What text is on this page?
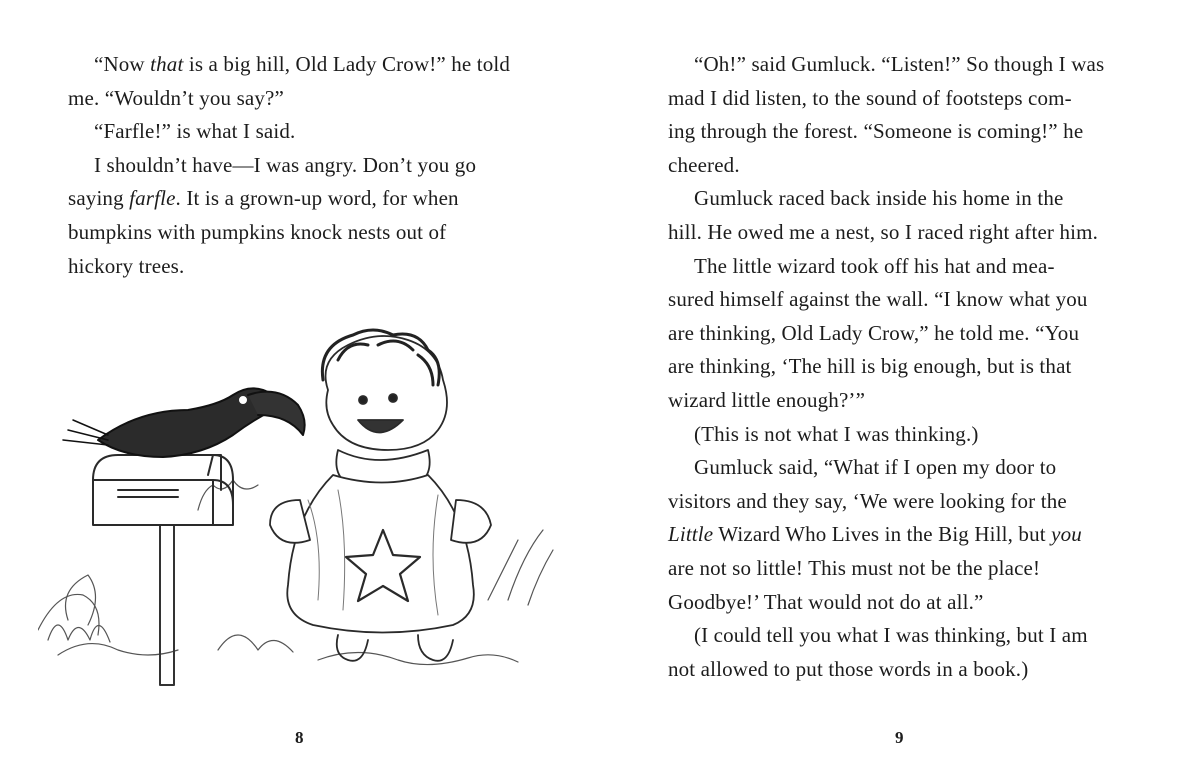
“Now that is a big hill, Old Lady Crow!” he told
me. “Wouldn’t you say?”
“Farfle!” is what I said.
I shouldn’t have—I was angry. Don’t you go
saying farfle. It is a grown-up word, for when
bumpkins with pumpkins knock nests out of
hickory trees.
8
“Oh!” said Gumluck. “Listen!” So though I was
mad I did listen, to the sound of footsteps com-
ing through the forest. “Someone is coming!” he
cheered.
Gumluck raced back inside his home in the
hill. He owed me a nest, so I raced right after him.
The little wizard took off his hat and mea-
sured himself against the wall. “I know what you
are thinking, Old Lady Crow,” he told me. “You
are thinking, ‘The hill is big enough, but is that
wizard little enough?’”
(This is not what I was thinking.)
Gumluck said, “What if I open my door to
visitors and they say, ‘We were looking for the
Little Wizard Who Lives in the Big Hill, but you
are not so little! This must not be the place!
Goodbye!’ That would not do at all.”
(I could tell you what I was thinking, but I am
not allowed to put those words in a book.)
9
